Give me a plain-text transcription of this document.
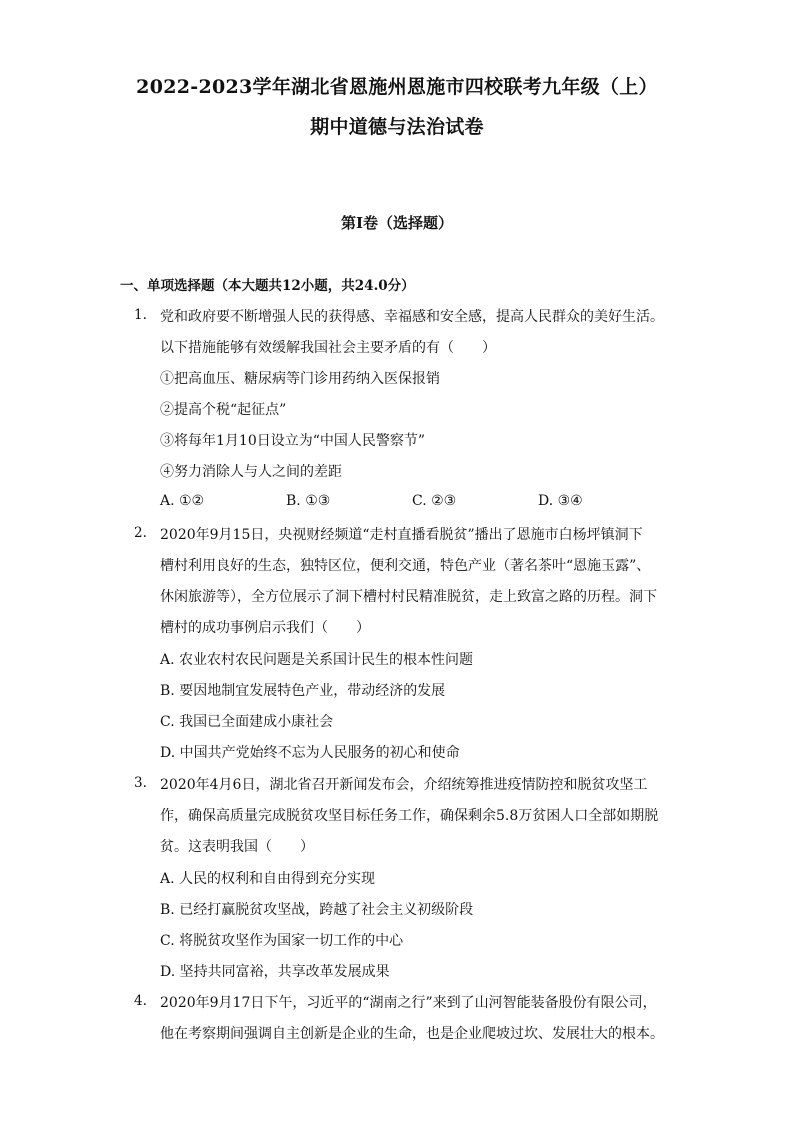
2022-2023学年湖北省恩施州恩施市四校联考九年级（上）
期中道德与法治试卷
第I卷（选择题）
一、单项选择题（本大题共12小题，共24.0分）
1. 党和政府要不断增强人民的获得感、幸福感和安全感，提高人民群众的美好生活。
以下措施能够有效缓解我国社会主要矛盾的有（　　）
①把高血压、糖尿病等门诊用药纳入医保报销
②提高个税“起征点”
③将每年1月10日设立为“中国人民警察节”
④努力消除人与人之间的差距
A. ①②	B. ①③	C. ②③	D. ③④
2. 2020年9月15日，央视财经频道“走村直播看脱贫”播出了恩施市白杨坪镇洞下
槽村利用良好的生态，独特区位，便利交通，特色产业（著名茶叶“恩施玉露”、
休闲旅游等），全方位展示了洞下槽村村民精准脱贫，走上致富之路的历程。洞下
槽村的成功事例启示我们（　　）
A. 农业农村农民问题是关系国计民生的根本性问题
B. 要因地制宜发展特色产业，带动经济的发展
C. 我国已全面建成小康社会
D. 中国共产党始终不忘为人民服务的初心和使命
3. 2020年4月6日，湖北省召开新闻发布会，介绍统筹推进疫情防控和脱贫攻坚工
作，确保高质量完成脱贫攻坚目标任务工作，确保剩余5.8万贫困人口全部如期脱
贫。这表明我国（　　）
A. 人民的权利和自由得到充分实现
B. 已经打赢脱贫攻坚战，跨越了社会主义初级阶段
C. 将脱贫攻坚作为国家一切工作的中心
D. 坚持共同富裕，共享改革发展成果
4. 2020年9月17日下午，习近平的“湖南之行”来到了山河智能装备股份有限公司，
他在考察期间强调自主创新是企业的生命，也是企业爬坡过坎、发展壮大的根本。
